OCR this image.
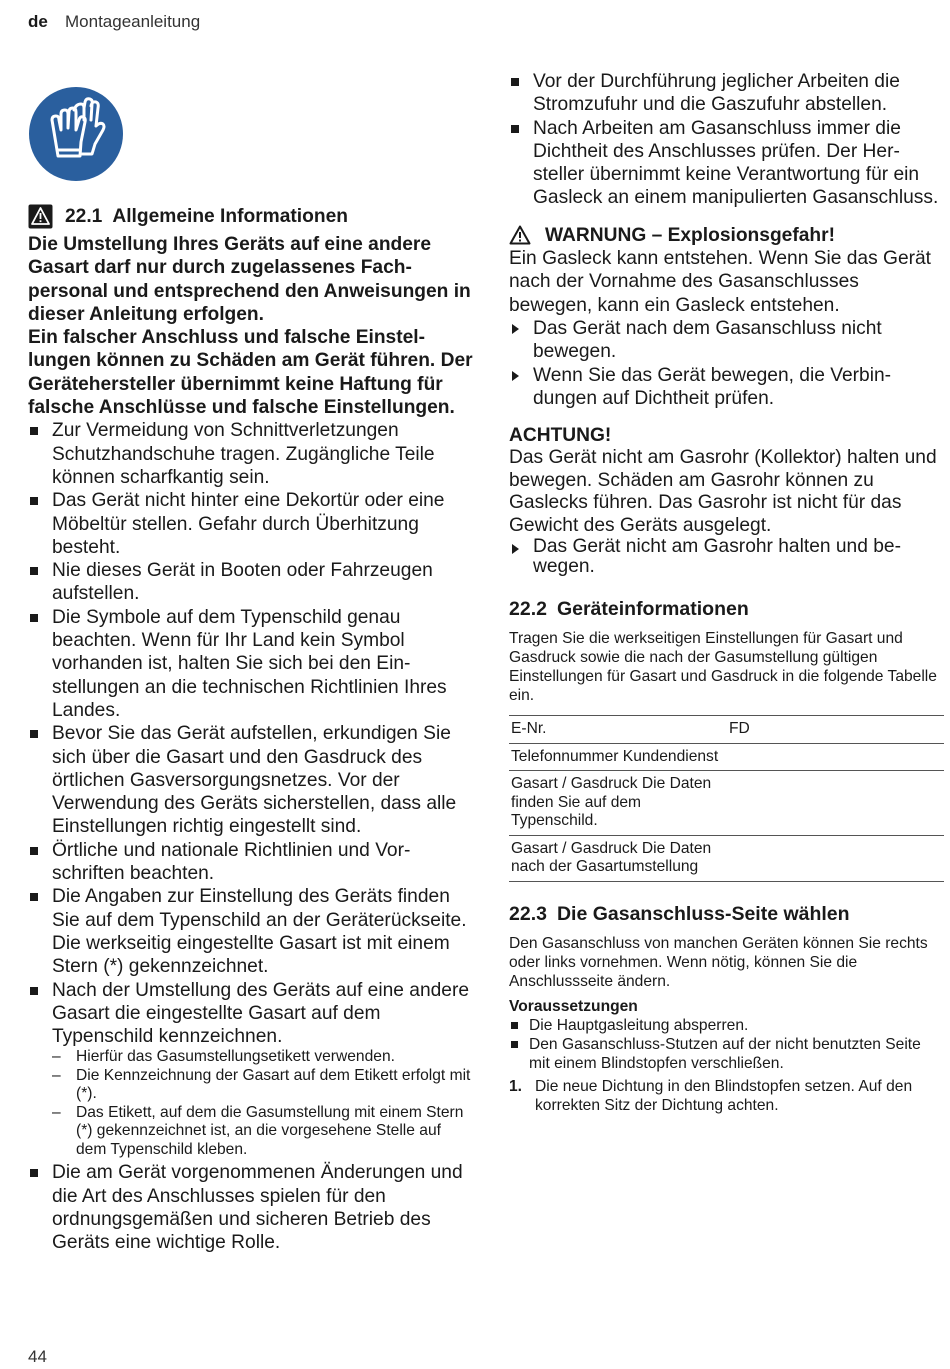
de Montageanleitung
22.1 Allgemeine Informationen

Die Umstellung Ihres Geräts auf eine andere Gasart darf nur durch zugelassenes Fachpersonal und entsprechend den Anweisungen in dieser Anleitung erfolgen.

Ein falscher Anschluss und falsche Einstellungen können zu Schäden am Gerät führen. Der Gerätehersteller übernimmt keine Haftung für falsche Anschlüsse und falsche Einstellungen.

Zur Vermeidung von Schnittverletzungen Schutzhandschuhe tragen. Zugängliche Teile können scharfkantig sein.
Das Gerät nicht hinter eine Dekortür oder eine Möbeltür stellen. Gefahr durch Überhitzung besteht.
Nie dieses Gerät in Booten oder Fahrzeugen aufstellen.
Die Symbole auf dem Typenschild genau beachten. Wenn für Ihr Land kein Symbol vorhanden ist, halten Sie sich bei den Einstellungen an die technischen Richtlinien Ihres Landes.
Bevor Sie das Gerät aufstellen, erkundigen Sie sich über die Gasart und den Gasdruck des örtlichen Gasversorgungsnetzes. Vor der Verwendung des Geräts sicherstellen, dass alle Einstellungen richtig eingestellt sind.
Örtliche und nationale Richtlinien und Vorschriften beachten.
Die Angaben zur Einstellung des Geräts finden Sie auf dem Typenschild an der Geräterückseite. Die werkseitig eingestellte Gasart ist mit einem Stern (*) gekennzeichnet.
Nach der Umstellung des Geräts auf eine andere Gasart die eingestellte Gasart auf dem Typenschild kennzeichnen.
– Hierfür das Gasumstellungsetikett verwenden.
– Die Kennzeichnung der Gasart auf dem Etikett erfolgt mit (*).
– Das Etikett, auf dem die Gasumstellung mit einem Stern (*) gekennzeichnet ist, an die vorgesehene Stelle auf dem Typenschild kleben.
Die am Gerät vorgenommenen Änderungen und die Art des Anschlusses spielen für den ordnungsgemäßen und sicheren Betrieb des Geräts eine wichtige Rolle.
Vor der Durchführung jeglicher Arbeiten die Stromzufuhr und die Gaszufuhr abstellen.
Nach Arbeiten am Gasanschluss immer die Dichtheit des Anschlusses prüfen. Der Hersteller übernimmt keine Verantwortung für ein Gasleck an einem manipulierten Gasanschluss.
WARNUNG – Explosionsgefahr!

Ein Gasleck kann entstehen. Wenn Sie das Gerät nach der Vornahme des Gasanschlusses bewegen, kann ein Gasleck entstehen.

Das Gerät nach dem Gasanschluss nicht bewegen.
Wenn Sie das Gerät bewegen, die Verbindungen auf Dichtheit prüfen.

ACHTUNG!

Das Gerät nicht am Gasrohr (Kollektor) halten und bewegen. Schäden am Gasrohr können zu Gaslecks führen. Das Gasrohr ist nicht für das Gewicht des Geräts ausgelegt.

Das Gerät nicht am Gasrohr halten und bewegen.
22.2 Geräteinformationen

Tragen Sie die werkseitigen Einstellungen für Gasart und Gasdruck sowie die nach der Gasumstellung gültigen Einstellungen für Gasart und Gasdruck in die folgende Tabelle ein.

E-Nr.	FD
Telefonnummer Kundendienst	
Gasart / Gasdruck Die Daten finden Sie auf dem Typenschild.	
Gasart / Gasdruck Die Daten nach der Gasartumstellung	
22.3 Die Gasanschluss-Seite wählen

Den Gasanschluss von manchen Geräten können Sie rechts oder links vornehmen. Wenn nötig, können Sie die Anschlussseite ändern.

Voraussetzungen

Die Hauptgasleitung absperren.
Den Gasanschluss-Stutzen auf der nicht benutzten Seite mit einem Blindstopfen verschließen.
1. Die neue Dichtung in den Blindstopfen setzen. Auf den korrekten Sitz der Dichtung achten.
44
